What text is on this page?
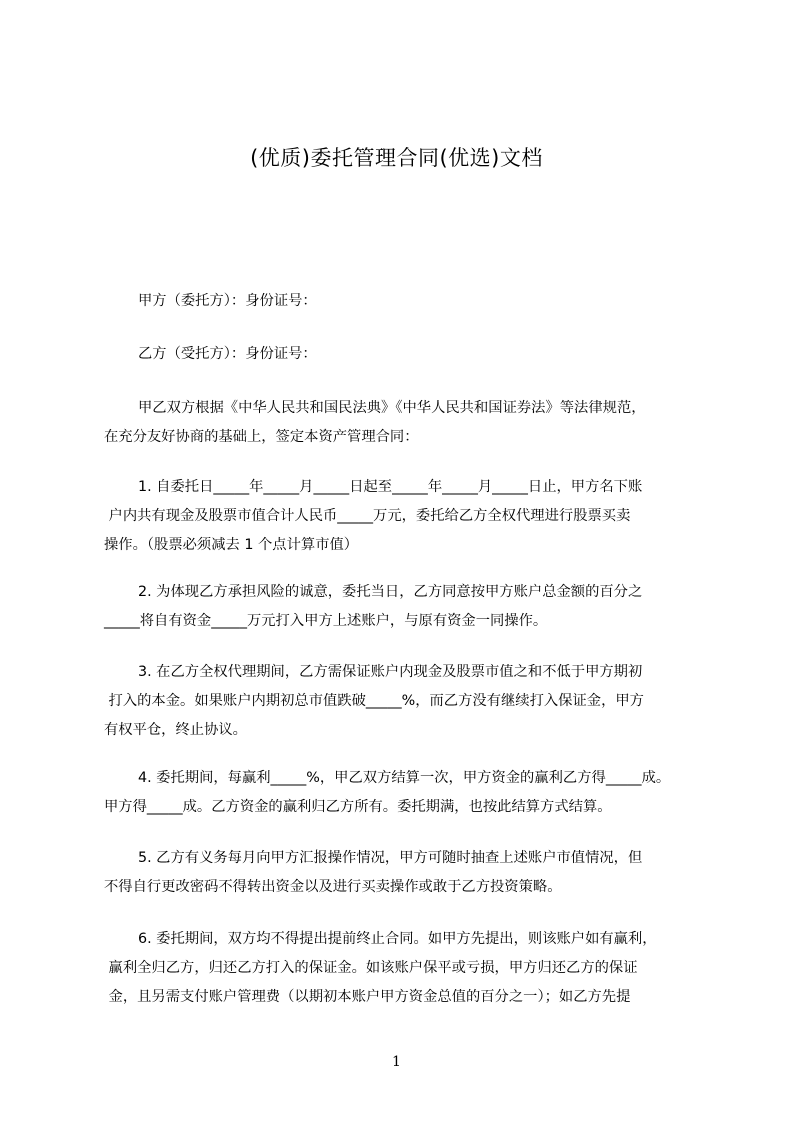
(优质)委托管理合同(优选)文档

甲方（委托方）：身份证号：

乙方（受托方）：身份证号：

甲乙双方根据《中华人民共和国民法典》《中华人民共和国证券法》等法律规范，
在充分友好协商的基础上，签定本资产管理合同：

1. 自委托日_____年_____月_____日起至_____年_____月_____日止，甲方名下账
户内共有现金及股票市值合计人民币_____万元，委托给乙方全权代理进行股票买卖
操作。（股票必须减去 1 个点计算市值）

2. 为体现乙方承担风险的诚意，委托当日，乙方同意按甲方账户总金额的百分之
_____将自有资金_____万元打入甲方上述账户，与原有资金一同操作。

3. 在乙方全权代理期间，乙方需保证账户内现金及股票市值之和不低于甲方期初
打入的本金。如果账户内期初总市值跌破_____%，而乙方没有继续打入保证金，甲方
有权平仓，终止协议。

4. 委托期间，每赢利_____%，甲乙双方结算一次，甲方资金的赢利乙方得_____成。
甲方得_____成。乙方资金的赢利归乙方所有。委托期满，也按此结算方式结算。

5. 乙方有义务每月向甲方汇报操作情况，甲方可随时抽查上述账户市值情况，但
不得自行更改密码不得转出资金以及进行买卖操作或敢于乙方投资策略。

6. 委托期间，双方均不得提出提前终止合同。如甲方先提出，则该账户如有赢利，
赢利全归乙方，归还乙方打入的保证金。如该账户保平或亏损，甲方归还乙方的保证
金，且另需支付账户管理费（以期初本账户甲方资金总值的百分之一）；如乙方先提

1
